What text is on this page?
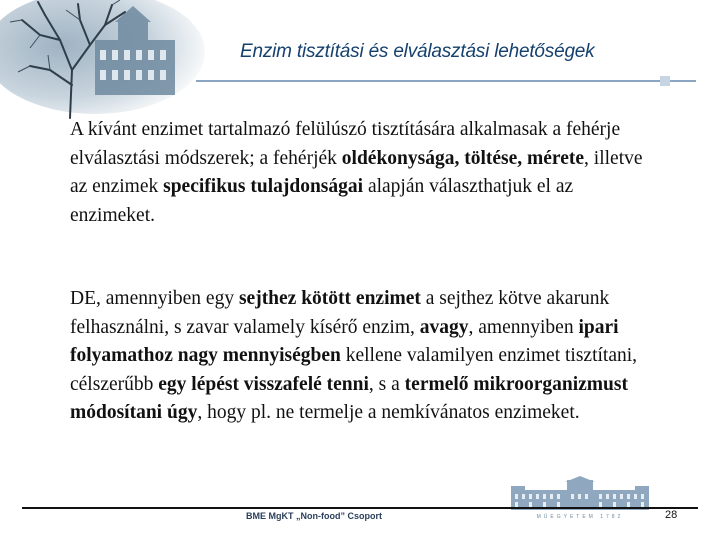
Enzim tisztítási és elválasztási lehetőségek

A kívánt enzimet tartalmazó felülúszó tisztítására alkalmasak a fehérje elválasztási módszerek; a fehérjék oldékonysága, töltése, mérete, illetve az enzimek specifikus tulajdonságai alapján választhatjuk el az enzimeket.

DE, amennyiben egy sejthez kötött enzimet a sejthez kötve akarunk felhasználni, s zavar valamely kísérő enzim, avagy, amennyiben ipari folyamathoz nagy mennyiségben kellene valamilyen enzimet tisztítani, célszerűbb egy lépést visszafelé tenni, s a termelő mikroorganizmust módosítani úgy, hogy pl. ne termelje a nemkívánatos enzimeket.

MŰEGYETEM 1782
BME MgKT „Non-food” Csoport	28
